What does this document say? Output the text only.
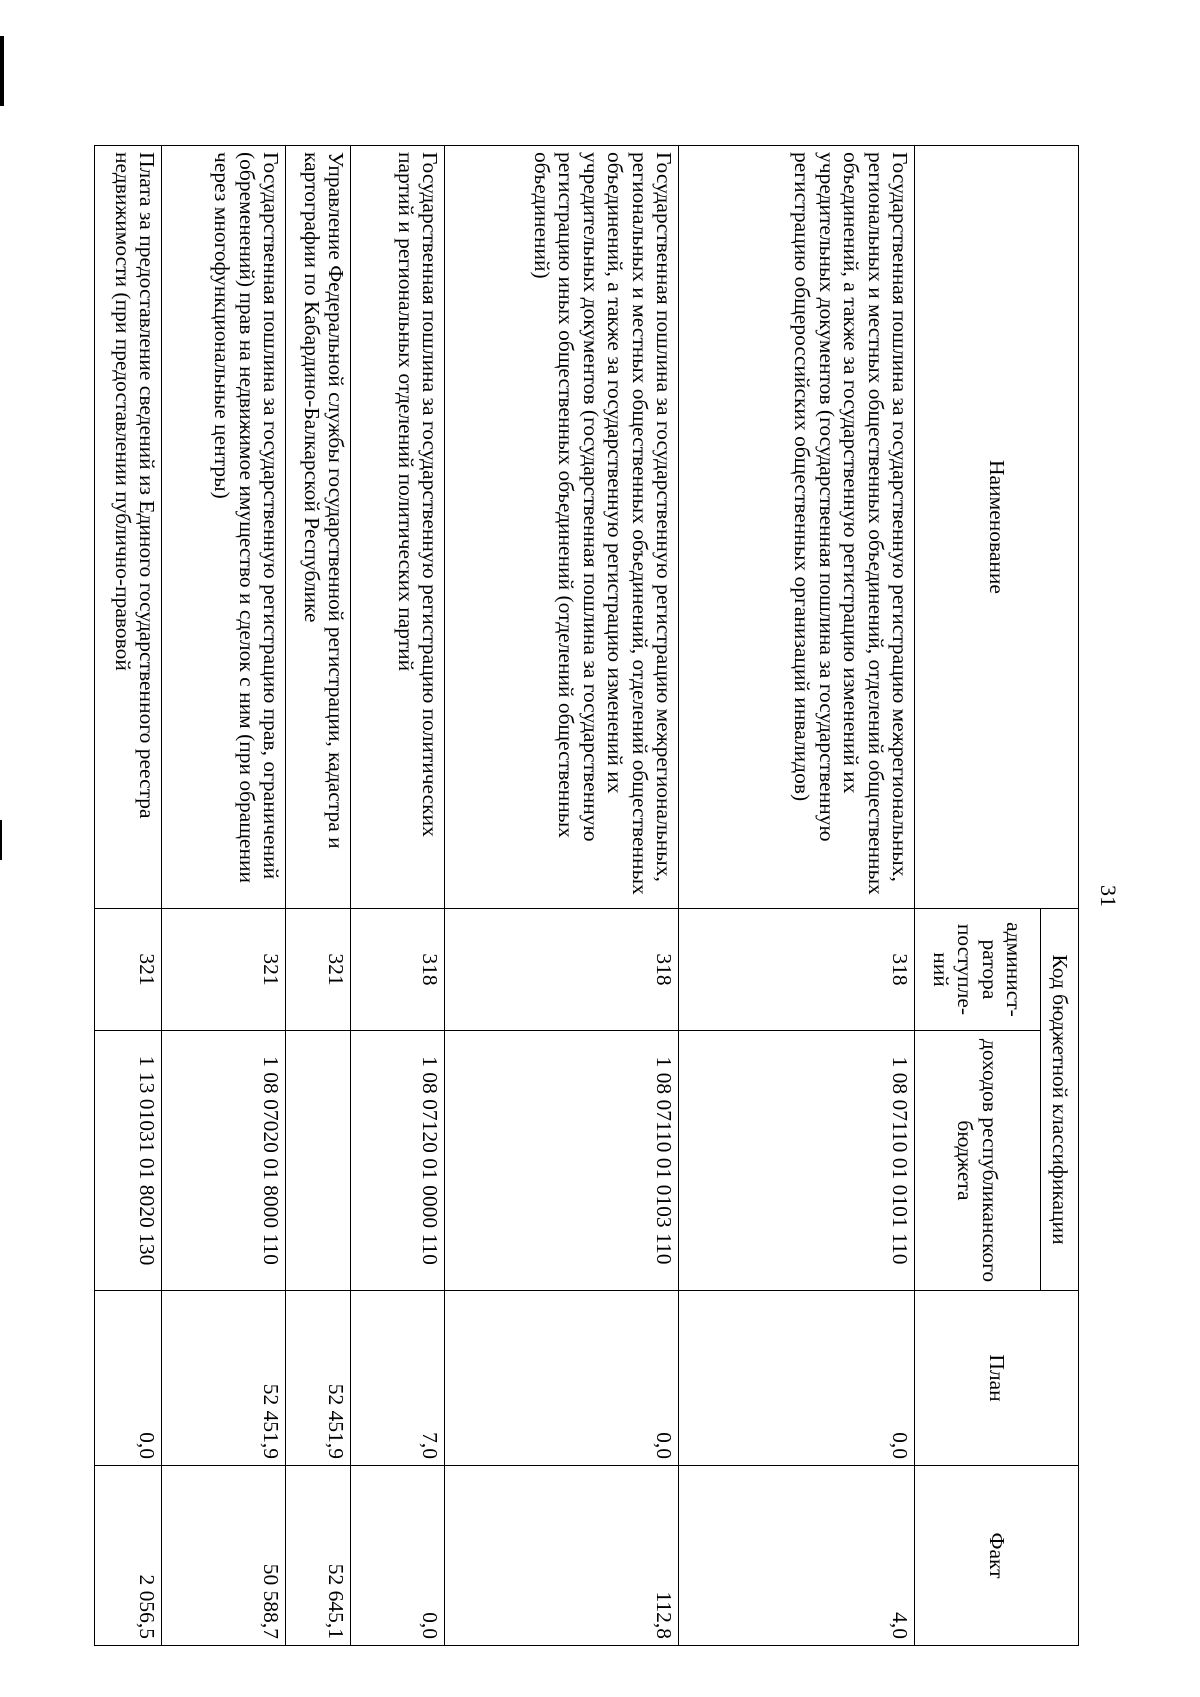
31
Наименование	Код бюджетной классификации		План	Факт
	админист-ратора поступле-ний	доходов республиканского бюджета		
Государственная пошлина за государственную регистрацию межрегиональных, региональных и местных общественных объединений, отделений общественных объединений, а также за государственную регистрацию изменений их учредительных документов (государственная пошлина за государственную регистрацию общероссийских общественных организаций инвалидов)	318	1 08 07110 01 0101 110	0,0	4,0
Государственная пошлина за государственную регистрацию межрегиональных, региональных и местных общественных объединений, отделений общественных объединений, а также за государственную регистрацию изменений их учредительных документов (государственная пошлина за государственную регистрацию иных общественных объединений (отделений общественных объединений)	318	1 08 07110 01 0103 110	0,0	112,8
Государственная пошлина за государственную регистрацию политических партий и региональных отделений политических партий	318	1 08 07120 01 0000 110	7,0	0,0
Управление Федеральной службы государственной регистрации, кадастра и картографии по Кабардино-Балкарской Республике	321		52 451,9	52 645,1
Государственная пошлина за государственную регистрацию прав, ограничений (обременений) прав на недвижимое имущество и сделок с ним (при обращении через многофункциональные центры)	321	1 08 07020 01 8000 110	52 451,9	50 588,7
Плата за предоставление сведений из Единого государственного реестра недвижимости (при предоставлении публично-правовой	321	1 13 01031 01 8020 130	0,0	2 056,5
